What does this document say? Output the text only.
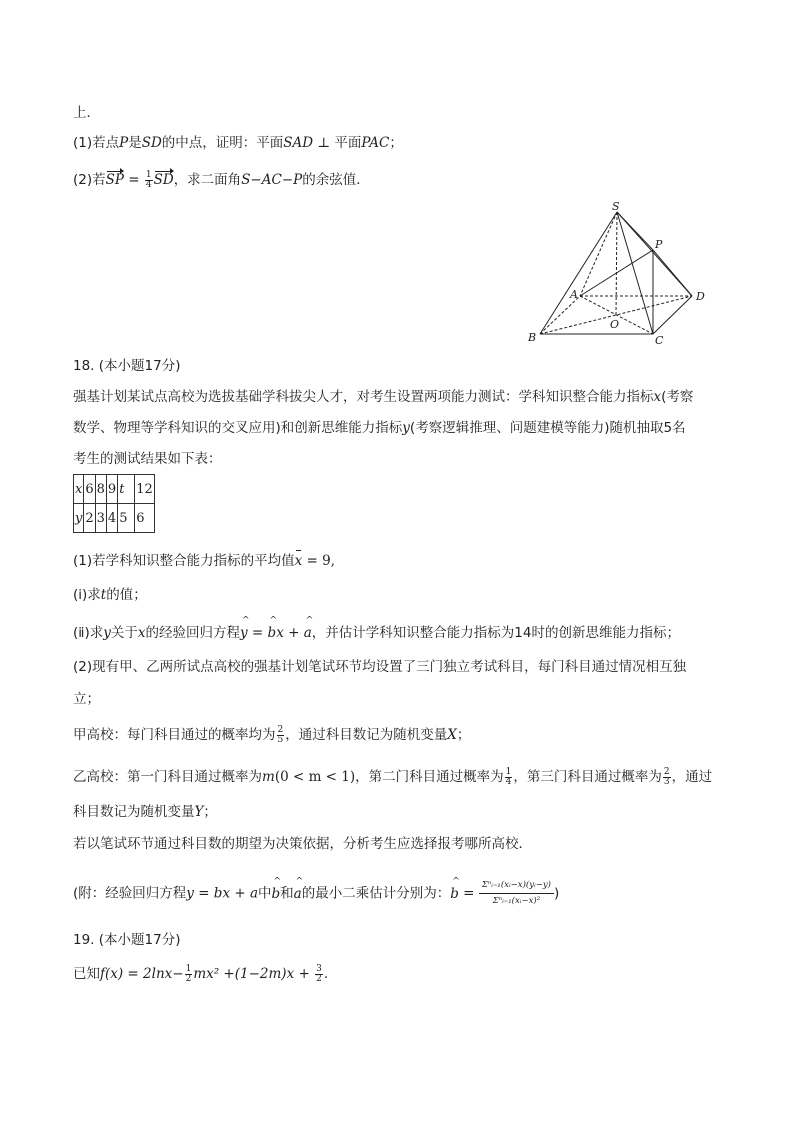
上．
(1)若点P是SD的中点，证明：平面SAD ⊥ 平面PAC；
(2)若SP = $\frac{1}{4}$ SD，求二面角S−AC−P的余弦值．
S
P
A	D
O
B	C
18. (本小题17分)
强基计划某试点高校为选拔基础学科拔尖人才，对考生设置两项能力测试：学科知识整合能力指标x(考察
数学、物理等学科知识的交叉应用)和创新思维能力指标y(考察逻辑推理、问题建模等能力)随机抽取5名
考生的测试结果如下表：
x	6	8	9	t	12
y	2	3	4	5	6
(1)若学科知识整合能力指标的平均值x = 9,
(ⅰ)求t的值；
(ⅱ)求y关于x的经验回归方程^ y = ^ bx + ^ a，并估计学科知识整合能力指标为14时的创新思维能力指标；
(2)现有甲、乙两所试点高校的强基计划笔试环节均设置了三门独立考试科目，每门科目通过情况相互独
立；
甲高校：每门科目通过的概率均为 $\frac{2}{5}$ ，通过科目数记为随机变量X；
乙高校：第一门科目通过概率为m(0 < m < 1)，第二门科目通过概率为 $\frac{1}{4}$ ，第三门科目通过概率为 $\frac{2}{3}$ ，通过
科目数记为随机变量Y；
若以笔试环节通过科目数的期望为决策依据，分析考生应选择报考哪所高校．
(附：经验回归方程y = bx + a中^ b和^ a的最小二乘估计分别为：^ $b = \frac{\text{Σⁿᵢ₌₁(xᵢ−x)(yᵢ−y)}}{\text{Σⁿᵢ₌₁(xᵢ−x)²}}$ )
19. (本小题17分)
已知$f(x) = 2\ln x- \frac{1}{2} mx^2 +(1-2m)x + \frac{3}{2}$ .
